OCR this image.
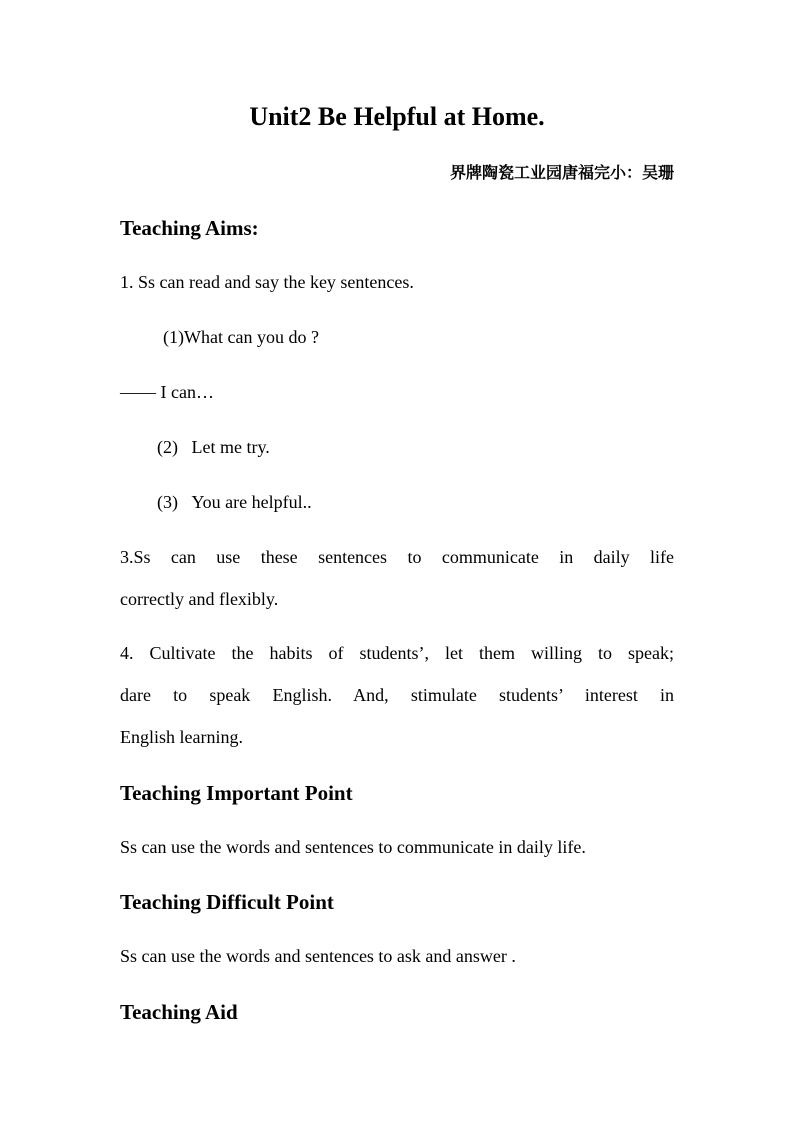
Unit2 Be Helpful at Home.

界牌陶瓷工业园唐福完小：吴珊

Teaching Aims:

1. Ss can read and say the key sentences.

(1)What can you do ?

—— I can…

(2)   Let me try.

(3)   You are helpful..

3.Ss can use these sentences to communicate in daily life

correctly and flexibly.

4. Cultivate the habits of students’, let them willing to speak;

dare to speak English. And, stimulate students’ interest in

English learning.

Teaching Important Point

Ss can use the words and sentences to communicate in daily life.

Teaching Difficult Point

Ss can use the words and sentences to ask and answer .

Teaching Aid
